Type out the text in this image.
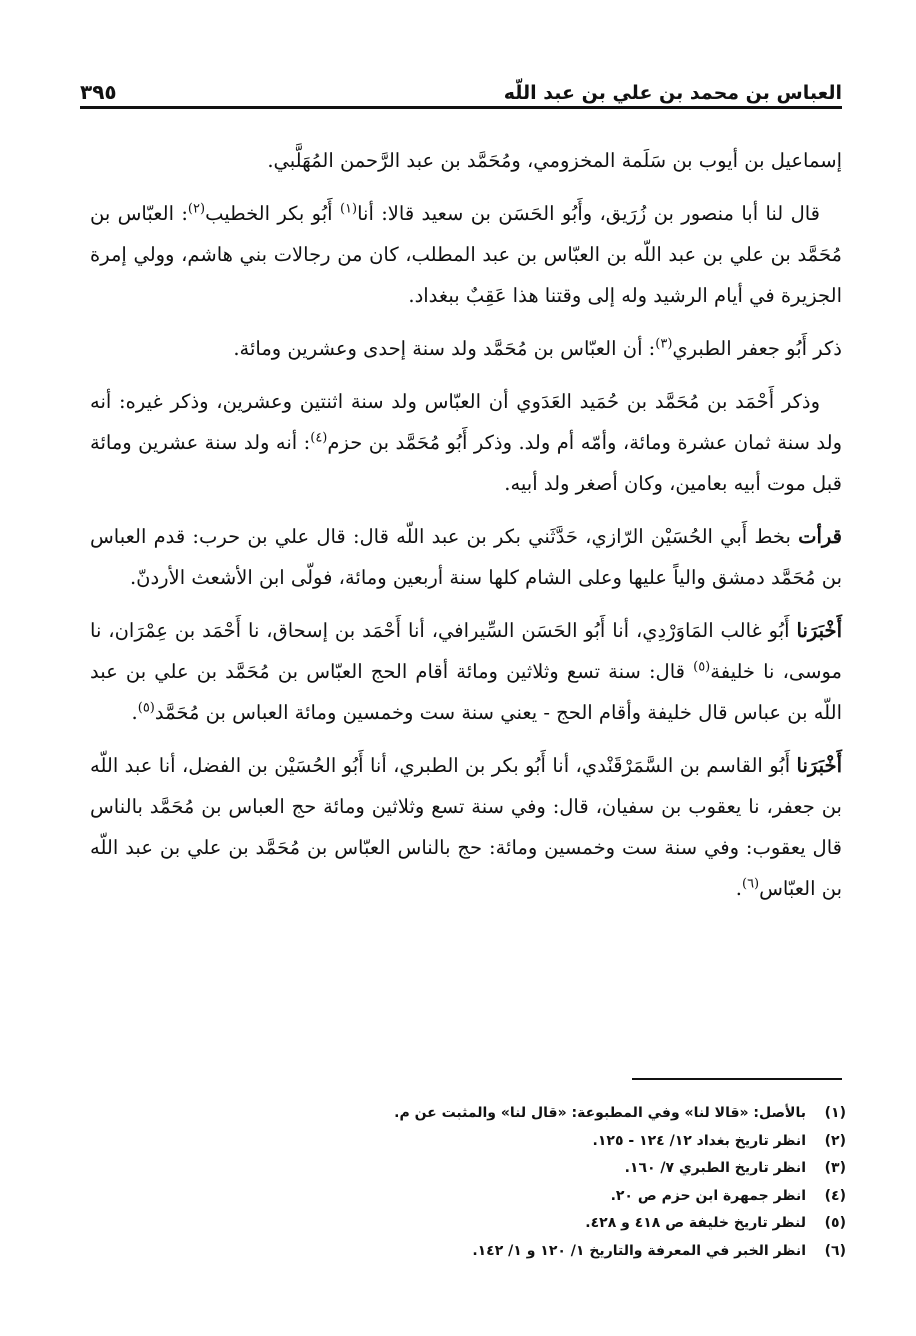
العباس بن محمد بن علي بن عبد اللّه
٣٩٥

إسماعيل بن أيوب بن سَلَمة المخزومي، ومُحَمَّد بن عبد الرَّحمن المُهَلَّبي.

قال لنا أبا منصور بن زُرَيق، وأَبُو الحَسَن بن سعيد قالا: أنا$^{(١)}$ أَبُو بكر الخطيب$^{(٢)}$: العبّاس بن مُحَمَّد بن علي بن عبد اللّه بن العبّاس بن عبد المطلب، كان من رجالات بني هاشم، وولي إمرة الجزيرة في أيام الرشيد وله إلى وقتنا هذا عَقِبٌ ببغداد.

ذكر أَبُو جعفر الطبري$^{(٣)}$: أن العبّاس بن مُحَمَّد ولد سنة إحدى وعشرين ومائة.

وذكر أَحْمَد بن مُحَمَّد بن حُمَيد العَدَوي أن العبّاس ولد سنة اثنتين وعشرين، وذكر غيره: أنه ولد سنة ثمان عشرة ومائة، وأمّه أم ولد. وذكر أَبُو مُحَمَّد بن حزم$^{(٤)}$: أنه ولد سنة عشرين ومائة قبل موت أبيه بعامين، وكان أصغر ولد أبيه.

قرأت بخط أَبي الحُسَيْن الرّازي، حَدَّثَني بكر بن عبد اللّه قال: قال علي بن حرب: قدم العباس بن مُحَمَّد دمشق والياً عليها وعلى الشام كلها سنة أربعين ومائة، فولّى ابن الأشعث الأردنّ.

أَخْبَرَنا أَبُو غالب المَاوَرْدِي، أنا أَبُو الحَسَن السِّيرافي، أنا أَحْمَد بن إسحاق، نا أَحْمَد بن عِمْرَان، نا موسى، نا خليفة$^{(٥)}$ قال: سنة تسع وثلاثين ومائة أقام الحج العبّاس بن مُحَمَّد بن علي بن عبد اللّه بن عباس قال خليفة وأقام الحج - يعني سنة ست وخمسين ومائة العباس بن مُحَمَّد$^{(٥)}$.

أَخْبَرَنا أَبُو القاسم بن السَّمَرْقَنْدي، أنا أَبُو بكر بن الطبري، أنا أَبُو الحُسَيْن بن الفضل، أنا عبد اللّه بن جعفر، نا يعقوب بن سفيان، قال: وفي سنة تسع وثلاثين ومائة حج العباس بن مُحَمَّد بالناس قال يعقوب: وفي سنة ست وخمسين ومائة: حج بالناس العبّاس بن مُحَمَّد بن علي بن عبد اللّه بن العبّاس$^{(٦)}$.

(١)
بالأصل: «قالا لنا» وفي المطبوعة: «قال لنا» والمثبت عن م.
(٢)
انظر تاريخ بغداد ١٢/ ١٢٤ - ١٢٥.
(٣)
انظر تاريخ الطبري ٧/ ١٦٠.
(٤)
انظر جمهرة ابن حزم ص ٢٠.
(٥)
لنظر تاريخ خليفة ص ٤١٨ و ٤٢٨.
(٦)
انظر الخبر في المعرفة والتاريخ ١/ ١٢٠ و ١/ ١٤٢.
